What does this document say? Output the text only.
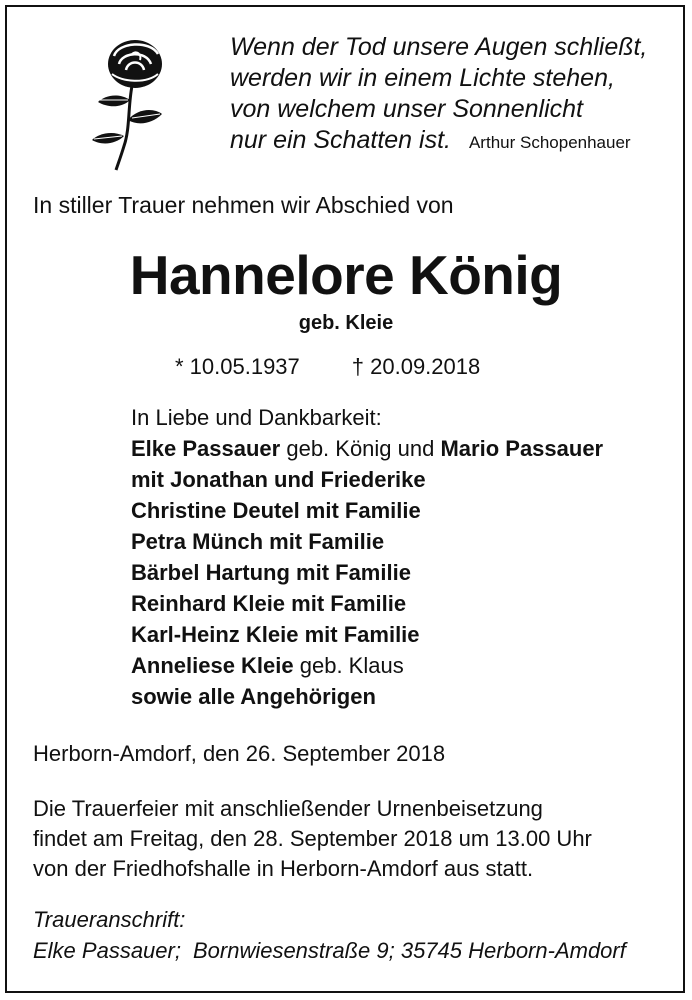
Wenn der Tod unsere Augen schließt,
werden wir in einem Lichte stehen,
von welchem unser Sonnenlicht
nur ein Schatten ist. Arthur Schopenhauer
In stiller Trauer nehmen wir Abschied von
Hannelore König
geb. Kleie
* 10.05.1937 † 20.09.2018
In Liebe und Dankbarkeit:
Elke Passauer geb. König und Mario Passauer
mit Jonathan und Friederike
Christine Deutel mit Familie
Petra Münch mit Familie
Bärbel Hartung mit Familie
Reinhard Kleie mit Familie
Karl-Heinz Kleie mit Familie
Anneliese Kleie geb. Klaus
sowie alle Angehörigen
Herborn-Amdorf, den 26. September 2018
Die Trauerfeier mit anschließender Urnenbeisetzung
findet am Freitag, den 28. September 2018 um 13.00 Uhr
von der Friedhofshalle in Herborn-Amdorf aus statt.
Traueranschrift:
Elke Passauer; Bornwiesenstraße 9; 35745 Herborn-Amdorf
